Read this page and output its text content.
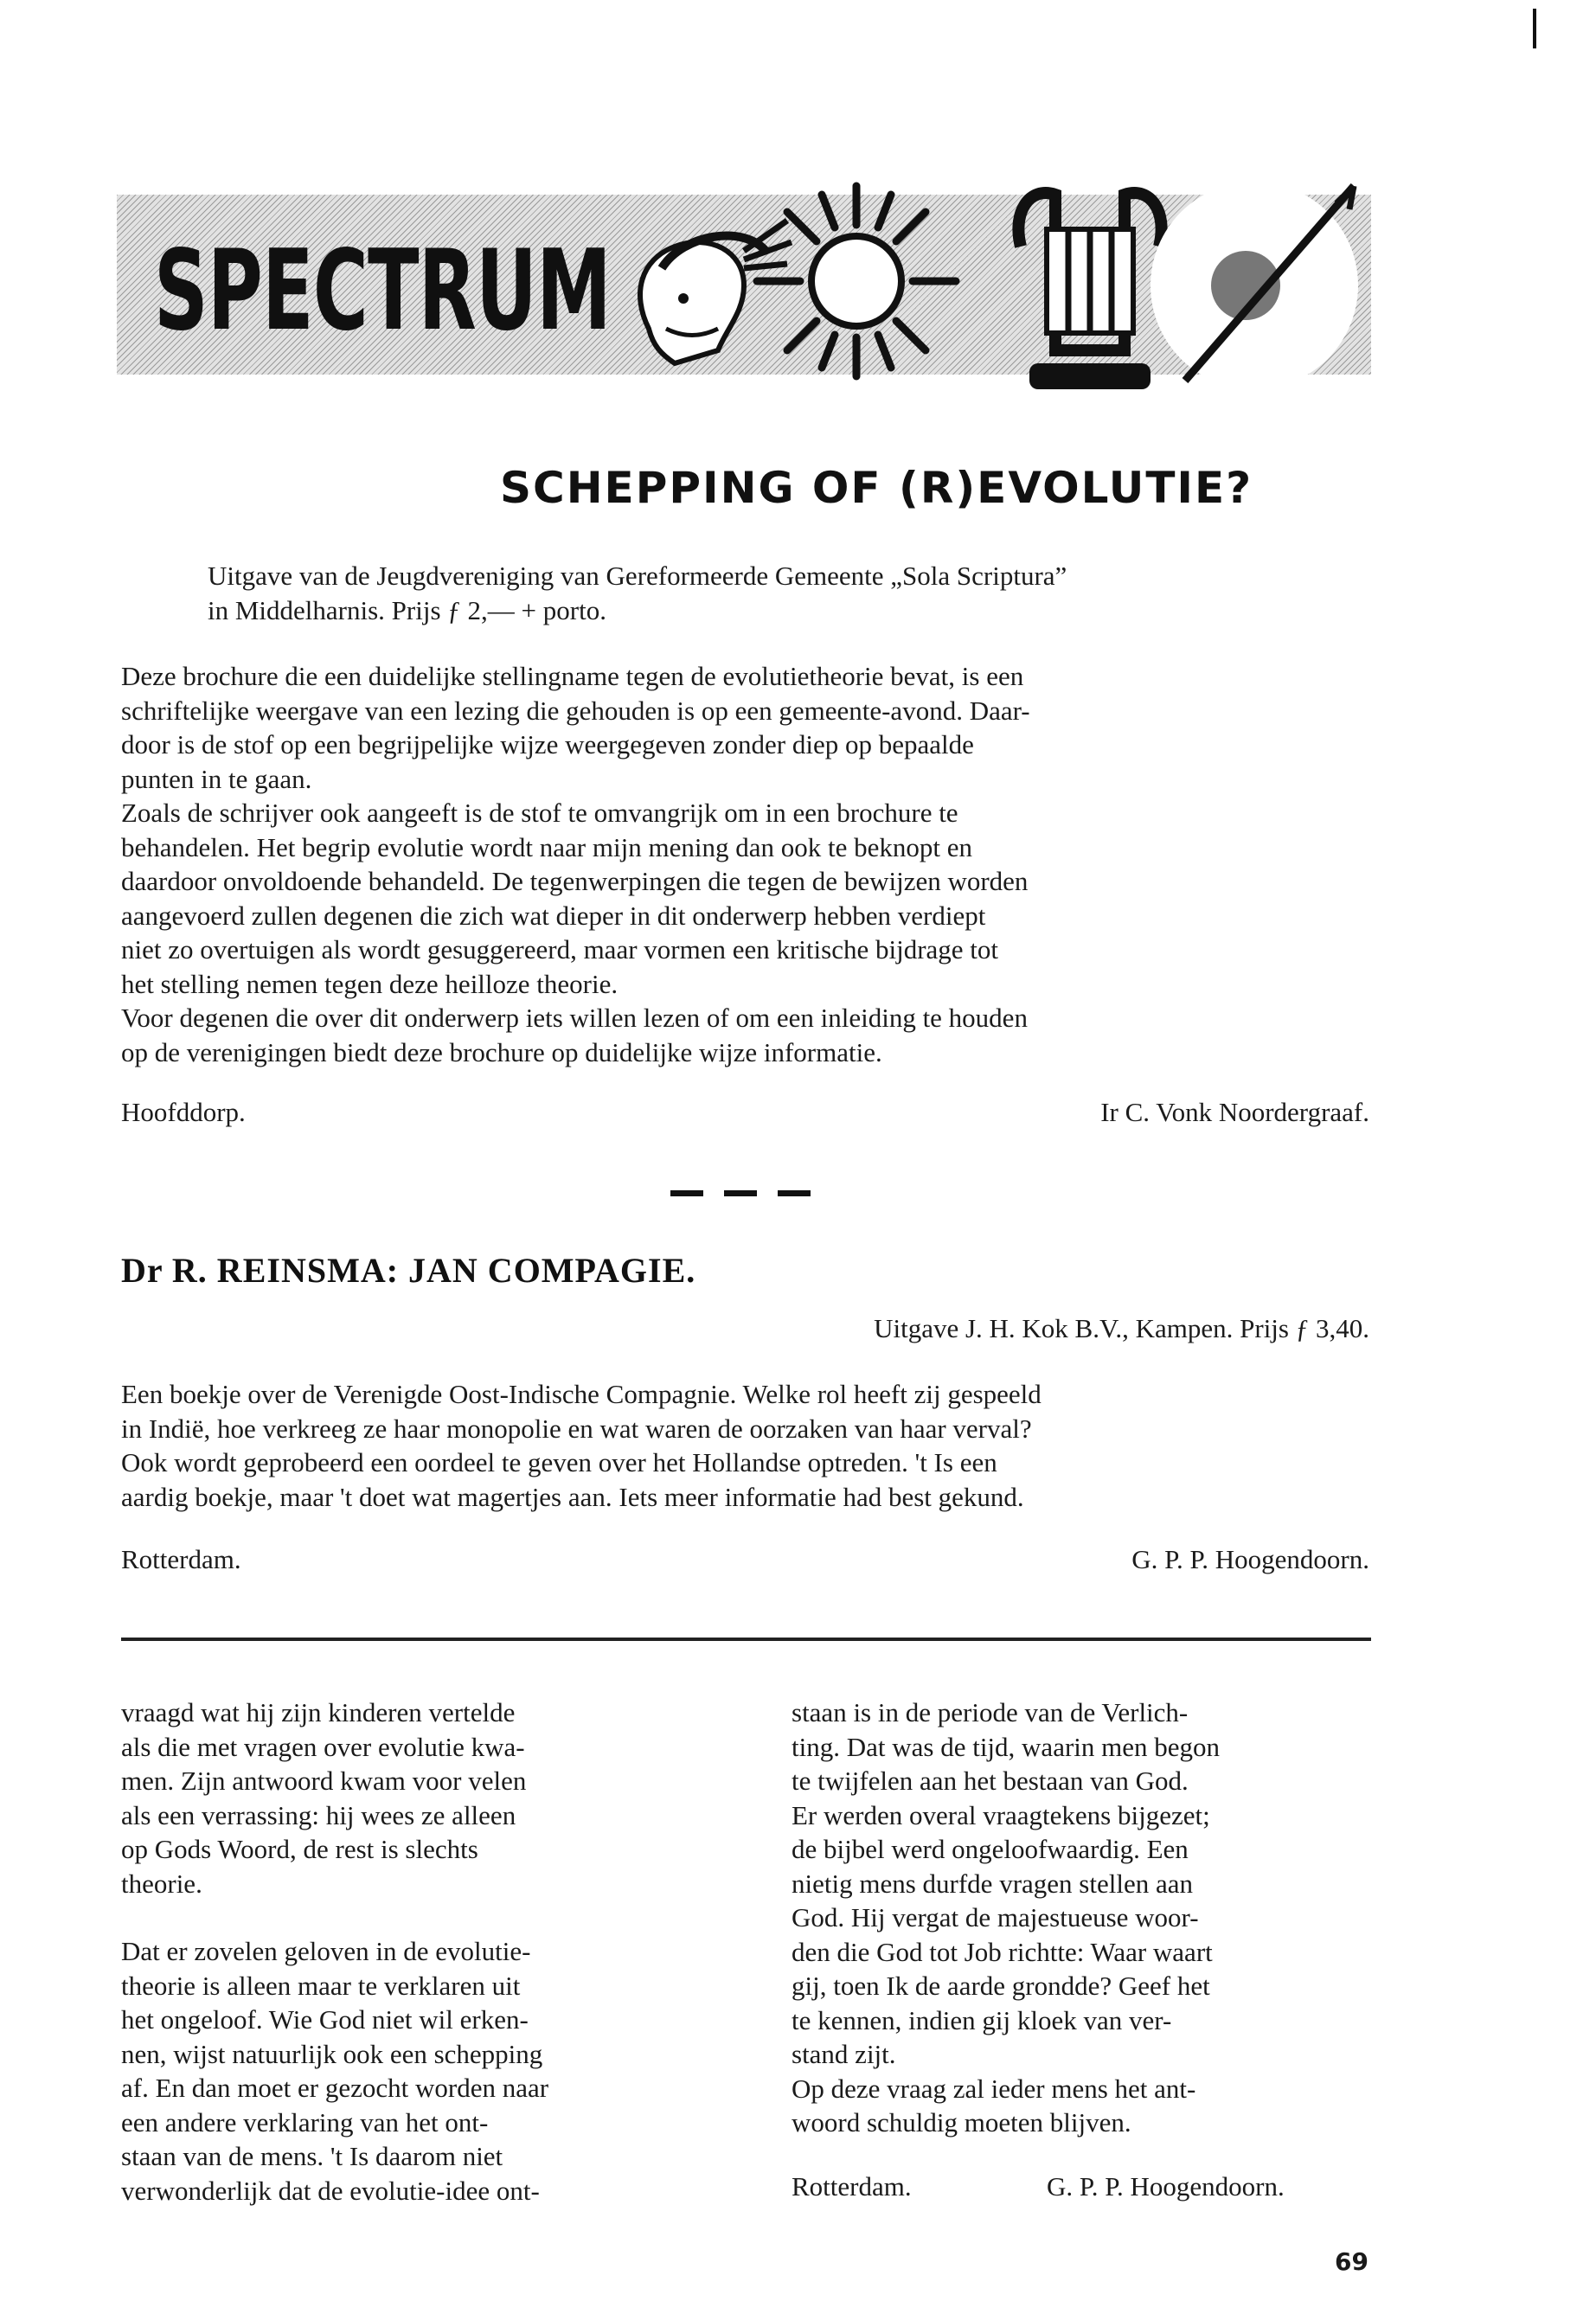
SPECTRUM
SCHEPPING OF (R)EVOLUTIE?
Uitgave van de Jeugdvereniging van Gereformeerde Gemeente „Sola Scriptura”
in Middelharnis. Prijs ƒ 2,— + porto.
Deze brochure die een duidelijke stellingname tegen de evolutietheorie bevat, is een
schriftelijke weergave van een lezing die gehouden is op een gemeente-avond. Daar-
door is de stof op een begrijpelijke wijze weergegeven zonder diep op bepaalde
punten in te gaan.
Zoals de schrijver ook aangeeft is de stof te omvangrijk om in een brochure te
behandelen. Het begrip evolutie wordt naar mijn mening dan ook te beknopt en
daardoor onvoldoende behandeld. De tegenwerpingen die tegen de bewijzen worden
aangevoerd zullen degenen die zich wat dieper in dit onderwerp hebben verdiept
niet zo overtuigen als wordt gesuggereerd, maar vormen een kritische bijdrage tot
het stelling nemen tegen deze heilloze theorie.
Voor degenen die over dit onderwerp iets willen lezen of om een inleiding te houden
op de verenigingen biedt deze brochure op duidelijke wijze informatie.
Hoofddorp.	Ir C. Vonk Noordergraaf.
Dr R. REINSMA: JAN COMPAGIE.
Uitgave J. H. Kok B.V., Kampen. Prijs ƒ 3,40.
Een boekje over de Verenigde Oost-Indische Compagnie. Welke rol heeft zij gespeeld
in Indië, hoe verkreeg ze haar monopolie en wat waren de oorzaken van haar verval?
Ook wordt geprobeerd een oordeel te geven over het Hollandse optreden. 't Is een
aardig boekje, maar 't doet wat magertjes aan. Iets meer informatie had best gekund.
Rotterdam.	G. P. P. Hoogendoorn.

vraagd wat hij zijn kinderen vertelde
als die met vragen over evolutie kwa-
men. Zijn antwoord kwam voor velen
als een verrassing: hij wees ze alleen
op Gods Woord, de rest is slechts
theorie.

Dat er zovelen geloven in de evolutie-
theorie is alleen maar te verklaren uit
het ongeloof. Wie God niet wil erken-
nen, wijst natuurlijk ook een schepping
af. En dan moet er gezocht worden naar
een andere verklaring van het ont-
staan van de mens. 't Is daarom niet
verwonderlijk dat de evolutie-idee ont-

staan is in de periode van de Verlich-
ting. Dat was de tijd, waarin men begon
te twijfelen aan het bestaan van God.
Er werden overal vraagtekens bijgezet;
de bijbel werd ongeloofwaardig. Een
nietig mens durfde vragen stellen aan
God. Hij vergat de majestueuse woor-
den die God tot Job richtte: Waar waart
gij, toen Ik de aarde grondde? Geef het
te kennen, indien gij kloek van ver-
stand zijt.
Op deze vraag zal ieder mens het ant-
woord schuldig moeten blijven.

Rotterdam.	G. P. P. Hoogendoorn.
69
